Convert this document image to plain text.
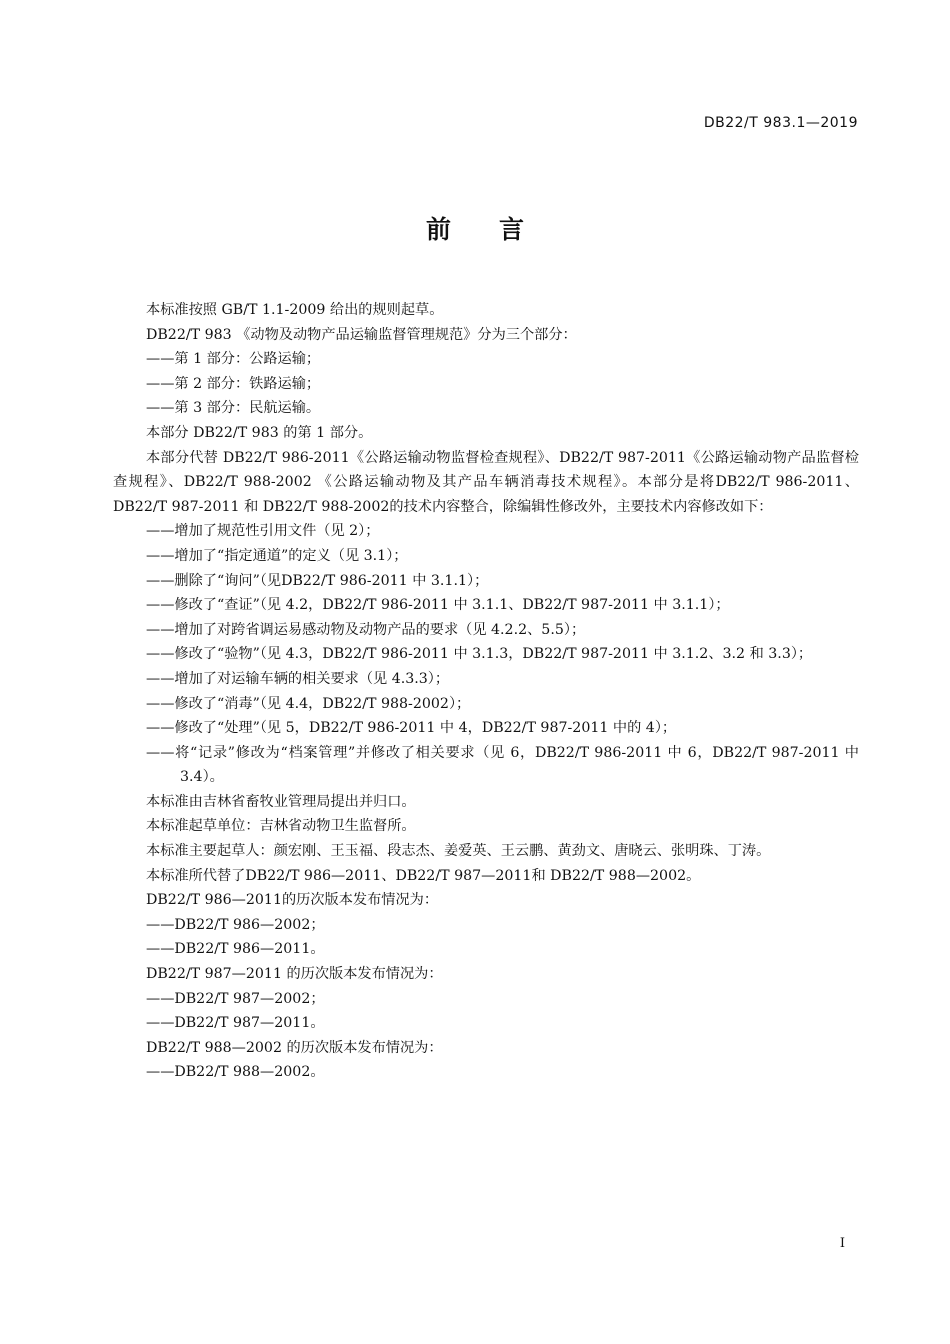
DB22/T 983.1—2019
前言

本标准按照 GB/T 1.1-2009 给出的规则起草。

DB22/T 983 《动物及动物产品运输监督管理规范》分为三个部分：

——第 1 部分：公路运输；

——第 2 部分：铁路运输；

——第 3 部分：民航运输。

本部分 DB22/T 983 的第 1 部分。

本部分代替 DB22/T 986-2011《公路运输动物监督检查规程》、DB22/T 987-2011《公路运输动物产品监督检查规程》、DB22/T 988-2002 《公路运输动物及其产品车辆消毒技术规程》。本部分是将DB22/T 986-2011、DB22/T 987-2011 和 DB22/T 988-2002的技术内容整合，除编辑性修改外，主要技术内容修改如下：

——增加了规范性引用文件（见 2）；

——增加了“指定通道”的定义（见 3.1）；

——删除了“询问”（见DB22/T 986-2011 中 3.1.1）；

——修改了“查证”（见 4.2，DB22/T 986-2011 中 3.1.1、DB22/T 987-2011 中 3.1.1）；

——增加了对跨省调运易感动物及动物产品的要求（见 4.2.2、5.5）；

——修改了“验物”（见 4.3，DB22/T 986-2011 中 3.1.3，DB22/T 987-2011 中 3.1.2、3.2 和 3.3）；

——增加了对运输车辆的相关要求（见 4.3.3）；

——修改了“消毒”（见 4.4，DB22/T 988-2002）；

——修改了“处理”（见 5，DB22/T 986-2011 中 4，DB22/T 987-2011 中的 4）；

——将“记录”修改为“档案管理”并修改了相关要求（见 6，DB22/T 986-2011 中 6，DB22/T 987-2011 中 3.4）。

本标准由吉林省畜牧业管理局提出并归口。

本标准起草单位：吉林省动物卫生监督所。

本标准主要起草人：颜宏刚、王玉福、段志杰、姜爱英、王云鹏、黄劲文、唐晓云、张明珠、丁涛。

本标准所代替了DB22/T 986—2011、DB22/T 987—2011和 DB22/T 988—2002。

DB22/T 986—2011的历次版本发布情况为：

——DB22/T 986—2002；

——DB22/T 986—2011。

DB22/T 987—2011 的历次版本发布情况为：

——DB22/T 987—2002；

——DB22/T 987—2011。

DB22/T 988—2002 的历次版本发布情况为：

——DB22/T 988—2002。

I
